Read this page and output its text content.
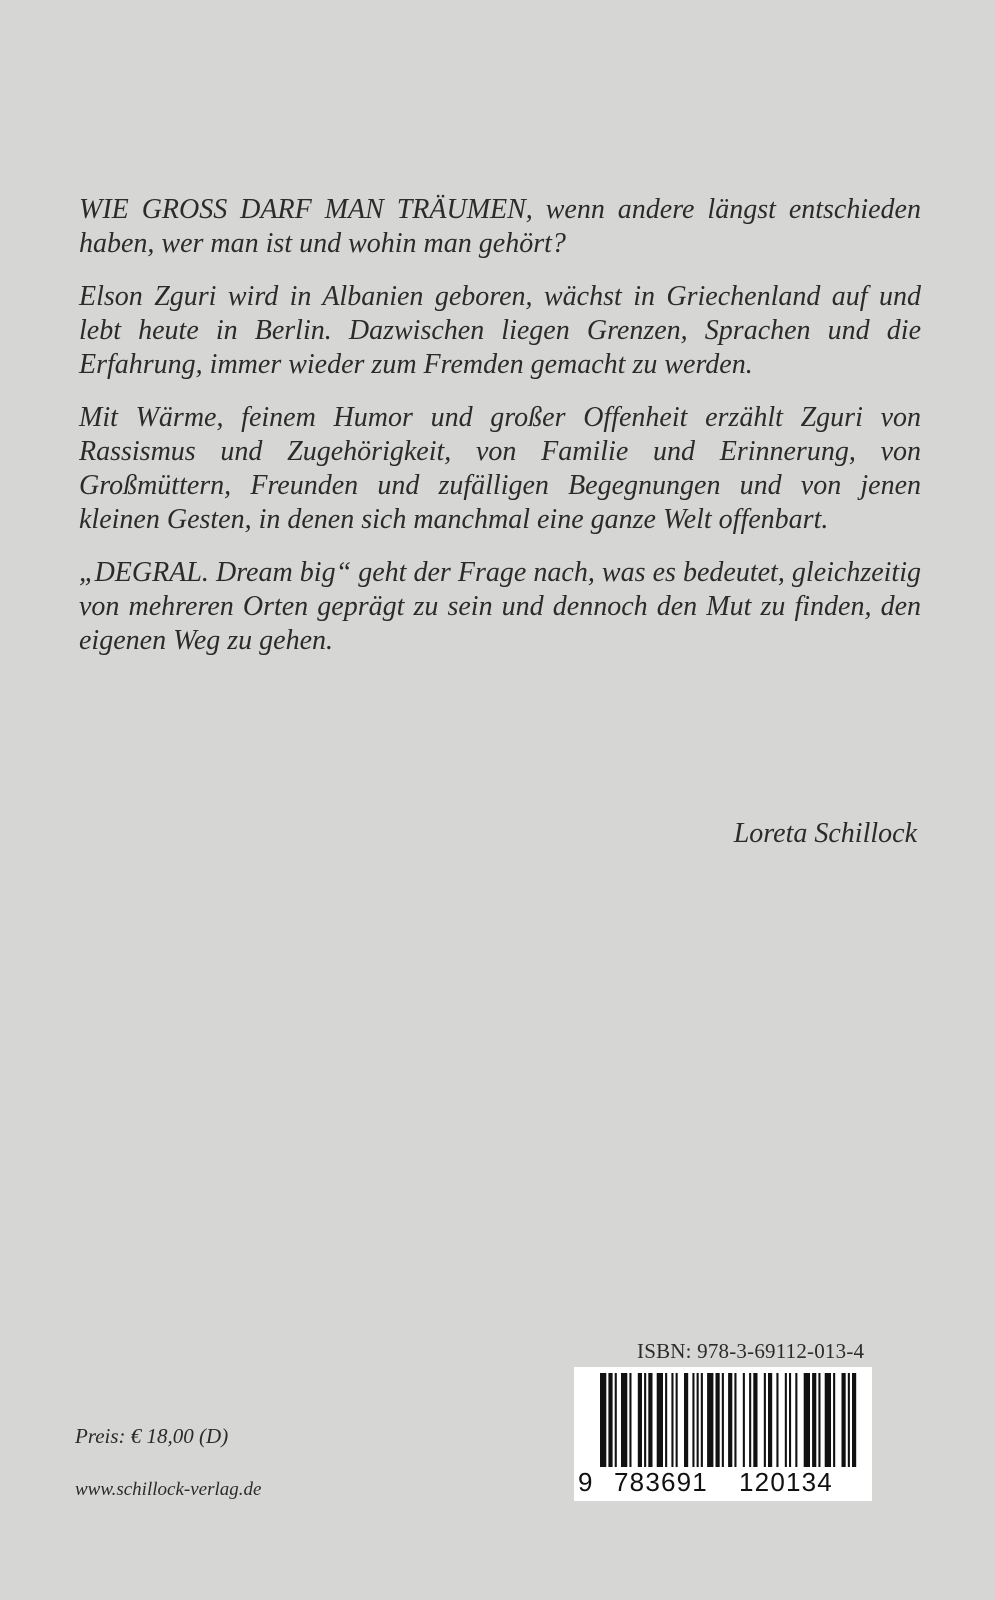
WIE GROSS DARF MAN TRÄUMEN, wenn andere längst entschieden haben, wer man ist und wohin man gehört?

Elson Zguri wird in Albanien geboren, wächst in Griechenland auf und lebt heute in Berlin. Dazwischen liegen Grenzen, Sprachen und die Erfahrung, immer wieder zum Fremden gemacht zu werden.

Mit Wärme, feinem Humor und großer Offenheit erzählt Zguri von Rassismus und Zugehörigkeit, von Familie und Erinnerung, von Großmüttern, Freunden und zufälligen Begegnungen und von jenen kleinen Gesten, in denen sich manchmal eine ganze Welt offenbart.

„DEGRAL. Dream big“ geht der Frage nach, was es bedeutet, gleichzeitig von mehreren Orten geprägt zu sein und dennoch den Mut zu finden, den eigenen Weg zu gehen.

Loreta Schillock
Preis: € 18,00 (D)
www.schillock-verlag.de
ISBN: 978-3-69112-013-4
9 783691 120134
